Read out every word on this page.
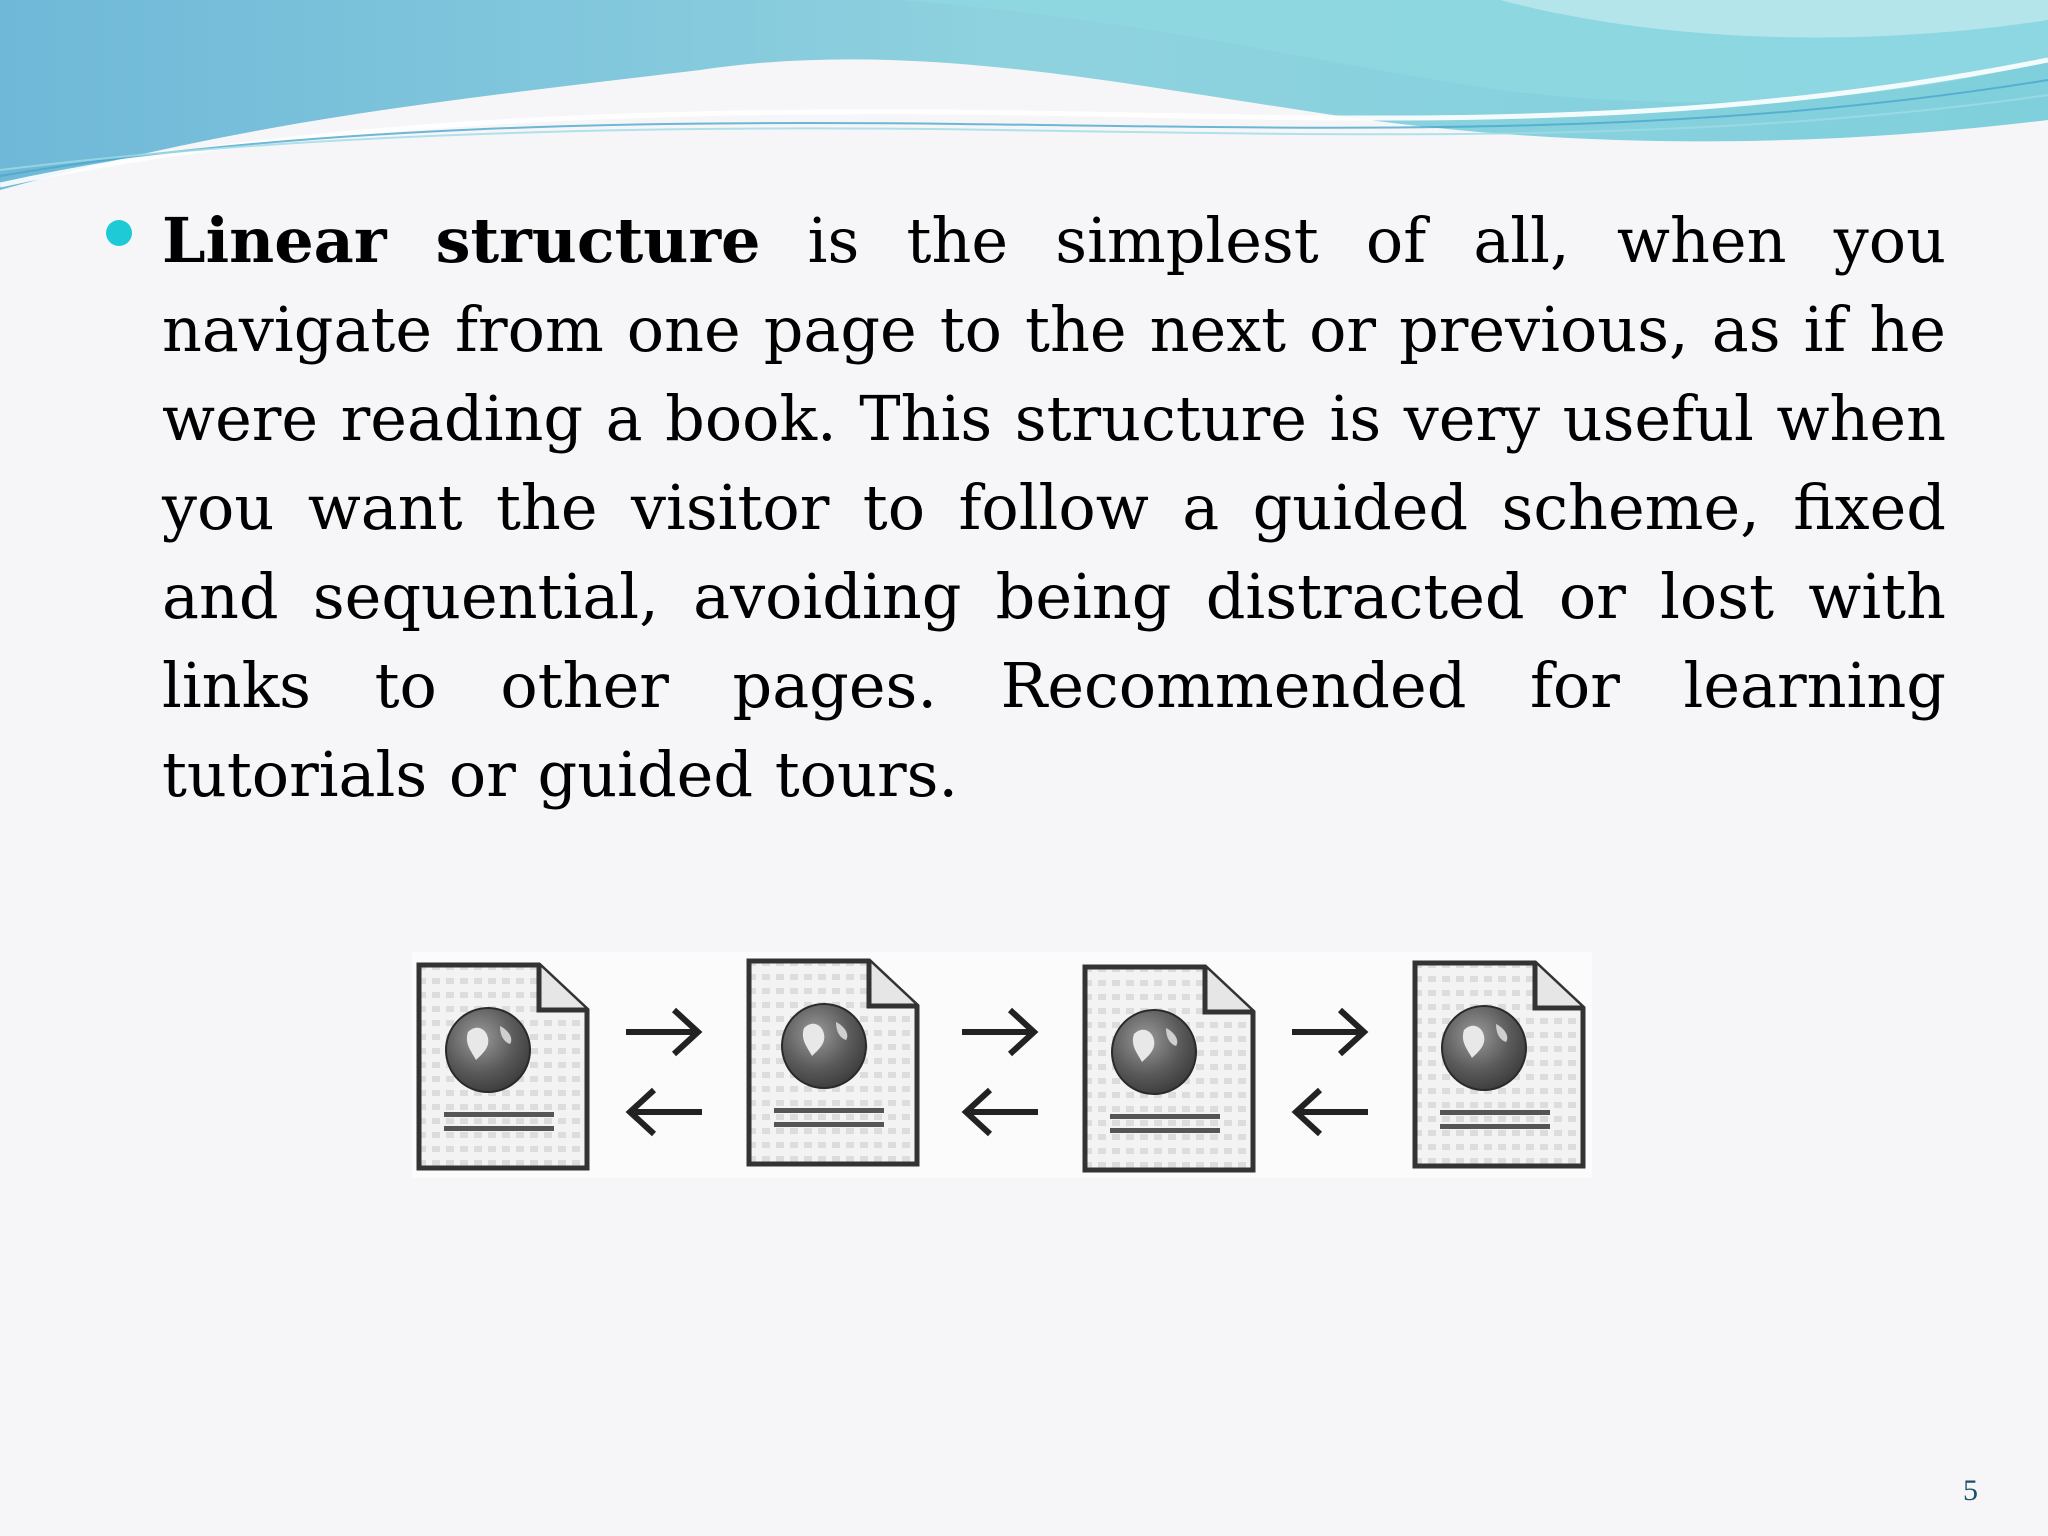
Linear structure is the simplest of all, when you navigate from one page to the next or previous, as if he were reading a book. This structure is very useful when you want the visitor to follow a guided scheme, fixed and sequential, avoiding being distracted or lost with links to other pages. Recommended for learning tutorials or guided tours.

5
